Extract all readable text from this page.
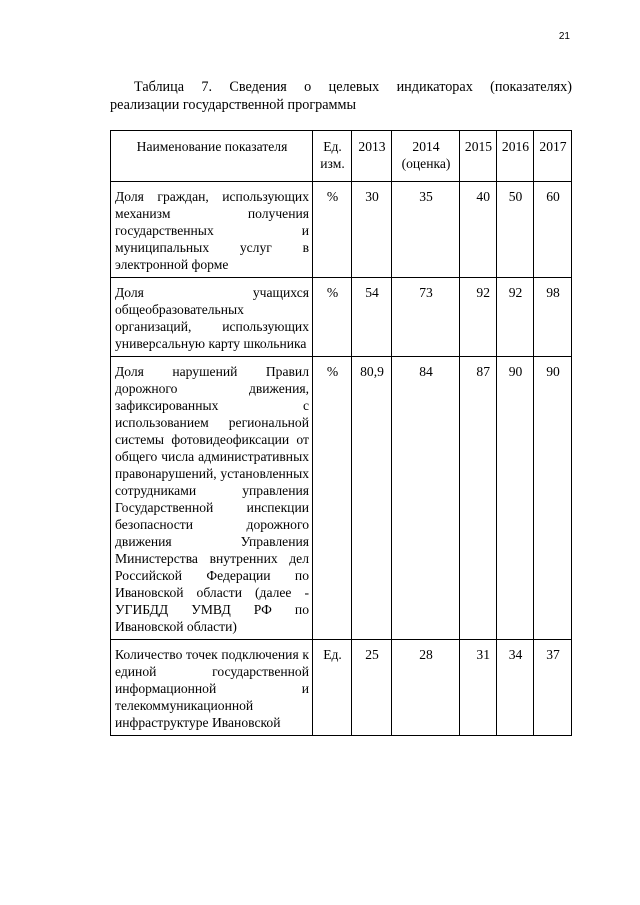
21
Таблица 7. Сведения о целевых индикаторах (показателях)
реализации государственной программы
Наименование показателя	Ед. изм.	2013	2014 (оценка)	2015	2016	2017
Доля граждан, использующих механизм получения государственных и муниципальных услуг в электронной форме	%	30	35	40	50	60
Доля учащихся общеобразовательных организаций, использующих универсальную карту школьника	%	54	73	92	92	98
Доля нарушений Правил дорожного движения, зафиксированных с использованием региональной системы фотовидеофиксации от общего числа административных правонарушений, установленных сотрудниками управления Государственной инспекции безопасности дорожного движения Управления Министерства внутренних дел Российской Федерации по Ивановской области (далее - УГИБДД УМВД РФ по Ивановской области)	%	80,9	84	87	90	90
Количество точек подключения к единой государственной информационной и телекоммуникационной инфраструктуре Ивановской	Ед.	25	28	31	34	37
